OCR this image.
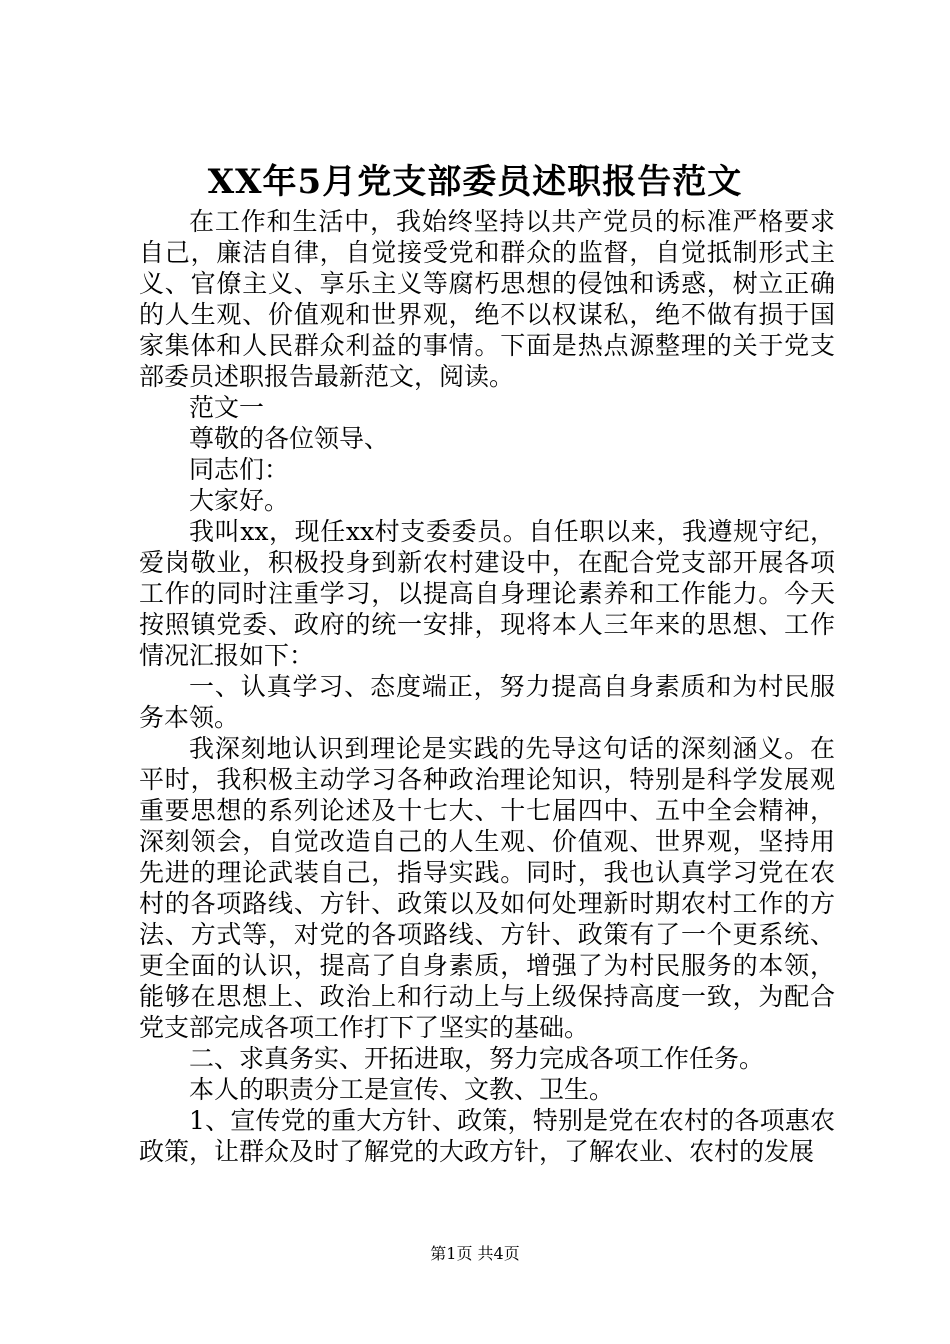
XX年5月党支部委员述职报告范文

在工作和生活中，我始终坚持以共产党员的标准严格要求自己，廉洁自律，自觉接受党和群众的监督，自觉抵制形式主义、官僚主义、享乐主义等腐朽思想的侵蚀和诱惑，树立正确的人生观、价值观和世界观，绝不以权谋私，绝不做有损于国家集体和人民群众利益的事情。下面是热点源整理的关于党支部委员述职报告最新范文，阅读。

范文一

尊敬的各位领导、

同志们：

大家好。

我叫xx，现任xx村支委委员。自任职以来，我遵规守纪，爱岗敬业，积极投身到新农村建设中，在配合党支部开展各项工作的同时注重学习，以提高自身理论素养和工作能力。今天按照镇党委、政府的统一安排，现将本人三年来的思想、工作情况汇报如下：

一、认真学习、态度端正，努力提高自身素质和为村民服务本领。

我深刻地认识到理论是实践的先导这句话的深刻涵义。在平时，我积极主动学习各种政治理论知识，特别是科学发展观重要思想的系列论述及十七大、十七届四中、五中全会精神，深刻领会，自觉改造自己的人生观、价值观、世界观，坚持用先进的理论武装自己，指导实践。同时，我也认真学习党在农村的各项路线、方针、政策以及如何处理新时期农村工作的方法、方式等，对党的各项路线、方针、政策有了一个更系统、更全面的认识，提高了自身素质，增强了为村民服务的本领，能够在思想上、政治上和行动上与上级保持高度一致，为配合党支部完成各项工作打下了坚实的基础。

二、求真务实、开拓进取，努力完成各项工作任务。

本人的职责分工是宣传、文教、卫生。

1、宣传党的重大方针、政策，特别是党在农村的各项惠农政策，让群众及时了解党的大政方针，了解农业、农村的发展

第1页 共4页
